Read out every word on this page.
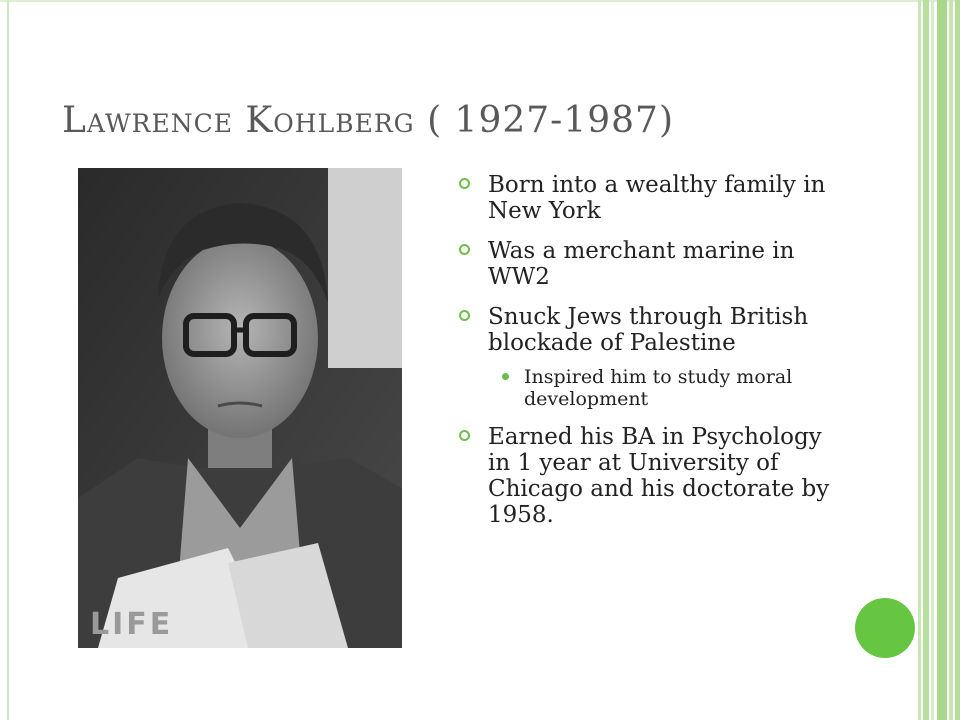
Lawrence Kohlberg ( 1927-1987)
LIFE
Born into a wealthy family in New York
Was a merchant marine in WW2
Snuck Jews through British blockade of Palestine
Inspired him to study moral development
Earned his BA in Psychology in 1 year at University of Chicago and his doctorate by 1958.
